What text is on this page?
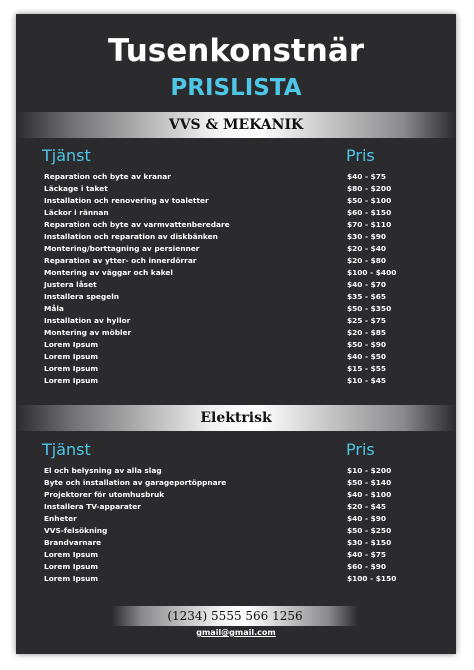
Tusenkonstnär
PRISLISTA
VVS & MEKANIK
Tjänst	Pris
Reparation och byte av kranar	$40 - $75
Läckage i taket	$80 - $200
Installation och renovering av toaletter	$50 - $100
Läckor i rännan	$60 - $150
Reparation och byte av varmvattenberedare	$70 - $110
Installation och reparation av diskbänken	$30 - $90
Montering/borttagning av persienner	$20 - $40
Reparation av ytter- och innerdörrar	$20 - $80
Montering av väggar och kakel	$100 - $400
Justera låset	$40 - $70
Installera spegeln	$35 - $65
Måla	$50 - $350
Installation av hyllor	$25 - $75
Montering av möbler	$20 - $85
Lorem Ipsum	$50 - $90
Lorem Ipsum	$40 - $50
Lorem Ipsum	$15 - $55
Lorem Ipsum	$10 - $45
Elektrisk
Tjänst	Pris
El och belysning av alla slag	$10 - $200
Byte och installation av garageportöppnare	$50 - $140
Projektorer för utomhusbruk	$40 - $100
Installera TV-apparater	$20 - $45
Enheter	$40 - $90
VVS-felsökning	$50 - $250
Brandvarnare	$30 - $150
Lorem Ipsum	$40 - $75
Lorem Ipsum	$60 - $90
Lorem Ipsum	$100 - $150
(1234) 5555 566 1256
gmail@gmail.com
